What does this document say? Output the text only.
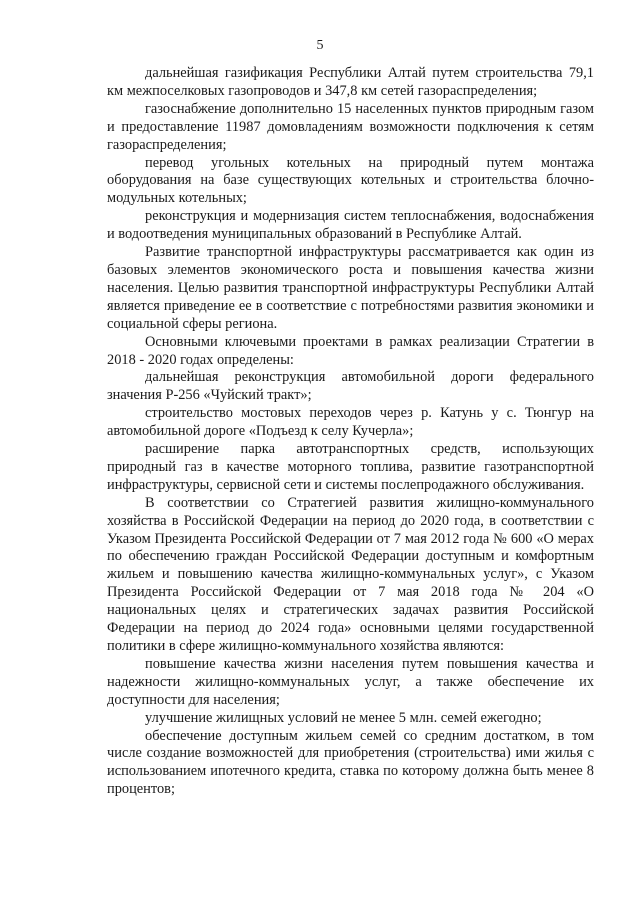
5

дальнейшая газификация Республики Алтай путем строительства 79,1 км межпоселковых газопроводов и 347,8 км сетей газораспределения;

газоснабжение дополнительно 15 населенных пунктов природным газом и предоставление 11987 домовладениям возможности подключения к сетям газораспределения;

перевод угольных котельных на природный путем монтажа оборудования на базе существующих котельных и строительства блочно-модульных котельных;

реконструкция и модернизация систем теплоснабжения, водоснабжения и водоотведения муниципальных образований в Республике Алтай.

Развитие транспортной инфраструктуры рассматривается как один из базовых элементов экономического роста и повышения качества жизни населения. Целью развития транспортной инфраструктуры Республики Алтай является приведение ее в соответствие с потребностями развития экономики и социальной сферы региона.

Основными ключевыми проектами в рамках реализации Стратегии в 2018 - 2020 годах определены:

дальнейшая реконструкция автомобильной дороги федерального значения Р-256 «Чуйский тракт»;

строительство мостовых переходов через р. Катунь у с. Тюнгур на автомобильной дороге «Подъезд к селу Кучерла»;

расширение парка автотранспортных средств, использующих природный газ в качестве моторного топлива, развитие газотранспортной инфраструктуры, сервисной сети и системы послепродажного обслуживания.

В соответствии со Стратегией развития жилищно-коммунального хозяйства в Российской Федерации на период до 2020 года, в соответствии с Указом Президента Российской Федерации от 7 мая 2012 года № 600 «О мерах по обеспечению граждан Российской Федерации доступным и комфортным жильем и повышению качества жилищно-коммунальных услуг», с Указом Президента Российской Федерации от 7 мая 2018 года № 204 «О национальных целях и стратегических задачах развития Российской Федерации на период до 2024 года» основными целями государственной политики в сфере жилищно-коммунального хозяйства являются:

повышение качества жизни населения путем повышения качества и надежности жилищно-коммунальных услуг, а также обеспечение их доступности для населения;

улучшение жилищных условий не менее 5 млн. семей ежегодно;

обеспечение доступным жильем семей со средним достатком, в том числе создание возможностей для приобретения (строительства) ими жилья с использованием ипотечного кредита, ставка по которому должна быть менее 8 процентов;
